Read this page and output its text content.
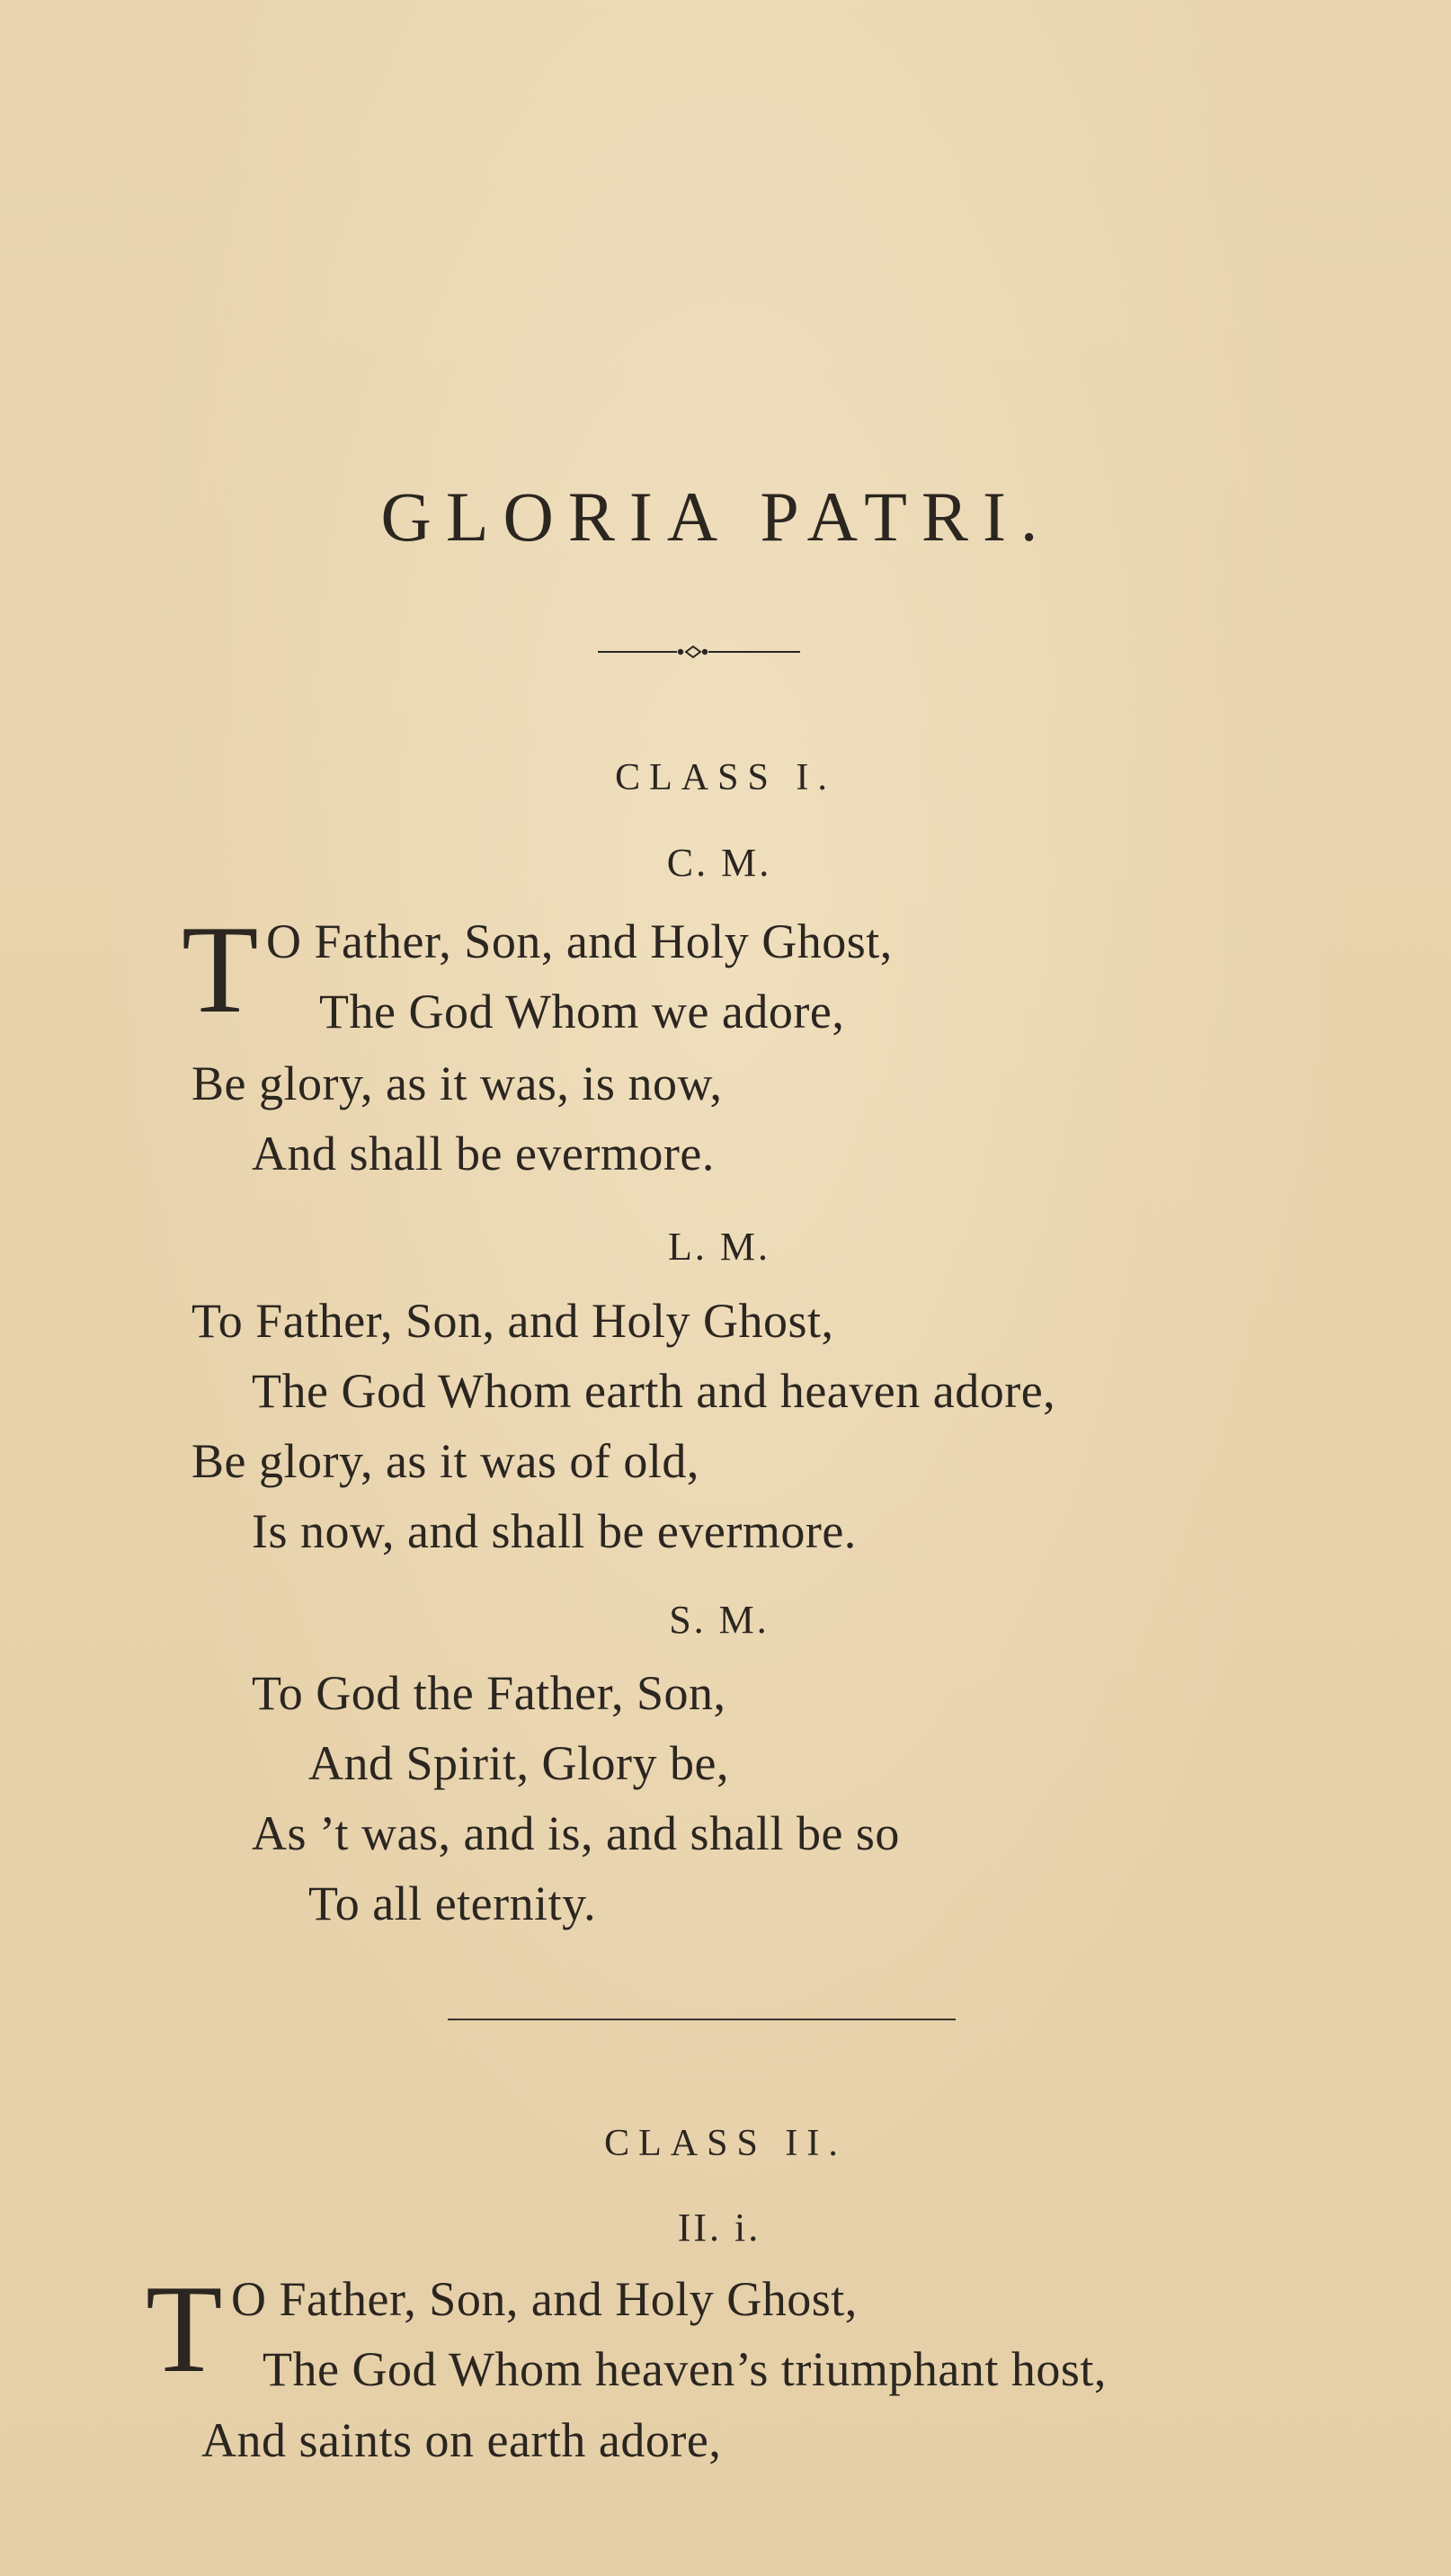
GLORIA PATRI.
CLASS I.
C. M.
T O Father, Son, and Holy Ghost,
The God Whom we adore,
Be glory, as it was, is now,
And shall be evermore.
L. M.
To Father, Son, and Holy Ghost,
The God Whom earth and heaven adore,
Be glory, as it was of old,
Is now, and shall be evermore.
S. M.
To God the Father, Son,
And Spirit, Glory be,
As ’t was, and is, and shall be so
To all eternity.
CLASS II.
II. i.
T O Father, Son, and Holy Ghost,
The God Whom heaven’s triumphant host,
And saints on earth adore,
